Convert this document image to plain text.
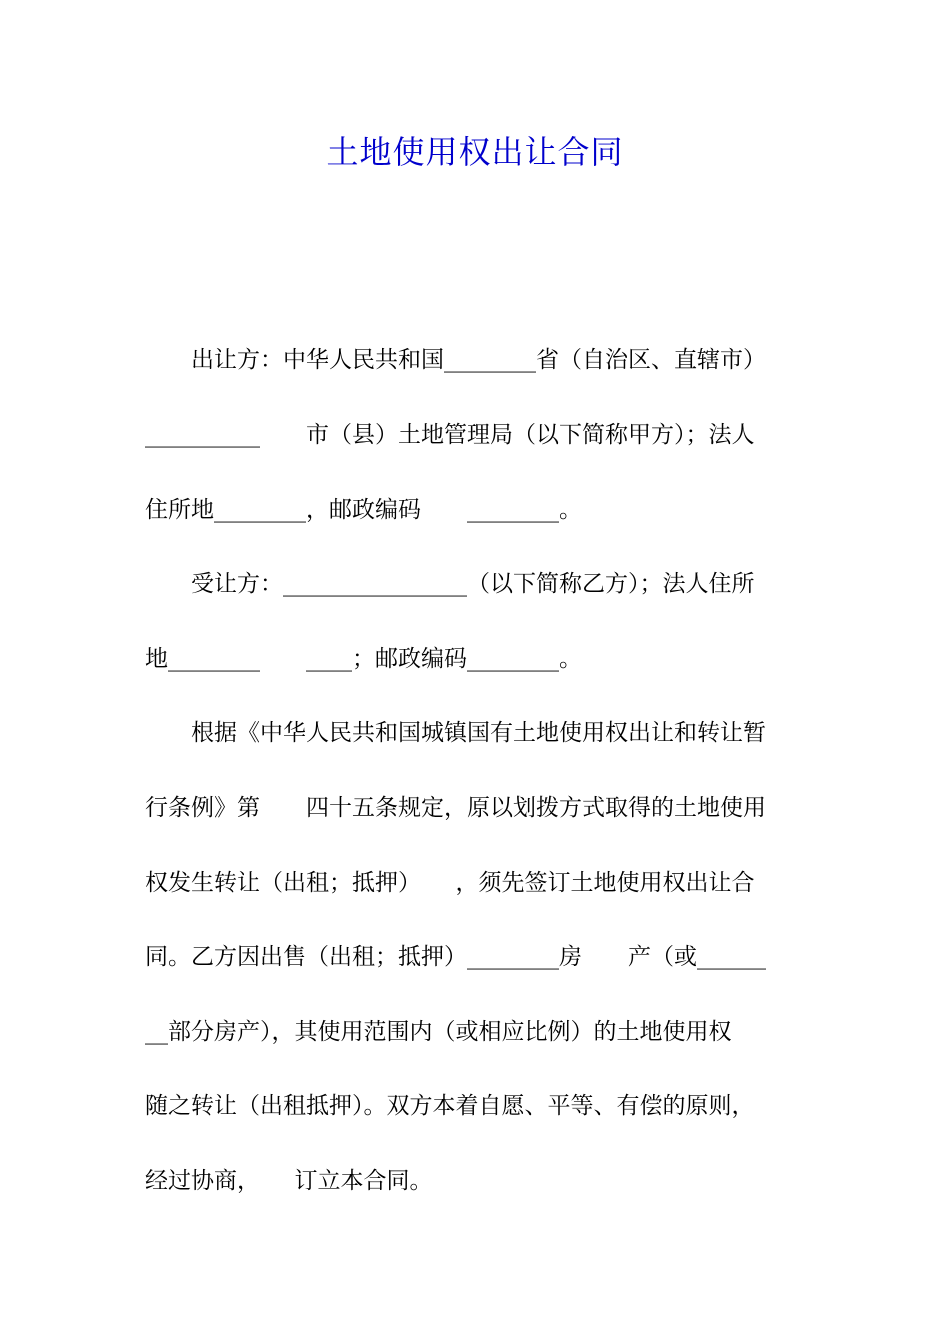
土地使用权出让合同
　　出让方：中华人民共和国________省（自治区、直辖市）
__________　　市（县）土地管理局（以下简称甲方）；法人
住所地________，邮政编码　　________。
　　受让方：________________（以下简称乙方）；法人住所
地________　　____；邮政编码________。
　　根据《中华人民共和国城镇国有土地使用权出让和转让暂
行条例》第　　四十五条规定，原以划拨方式取得的土地使用
权发生转让（出租；抵押）　　，须先签订土地使用权出让合
同。乙方因出售（出租；抵押）________房　　产（或______
__部分房产），其使用范围内（或相应比例）的土地使用权
随之转让（出租抵押）。双方本着自愿、平等、有偿的原则，
经过协商，　　订立本合同。
